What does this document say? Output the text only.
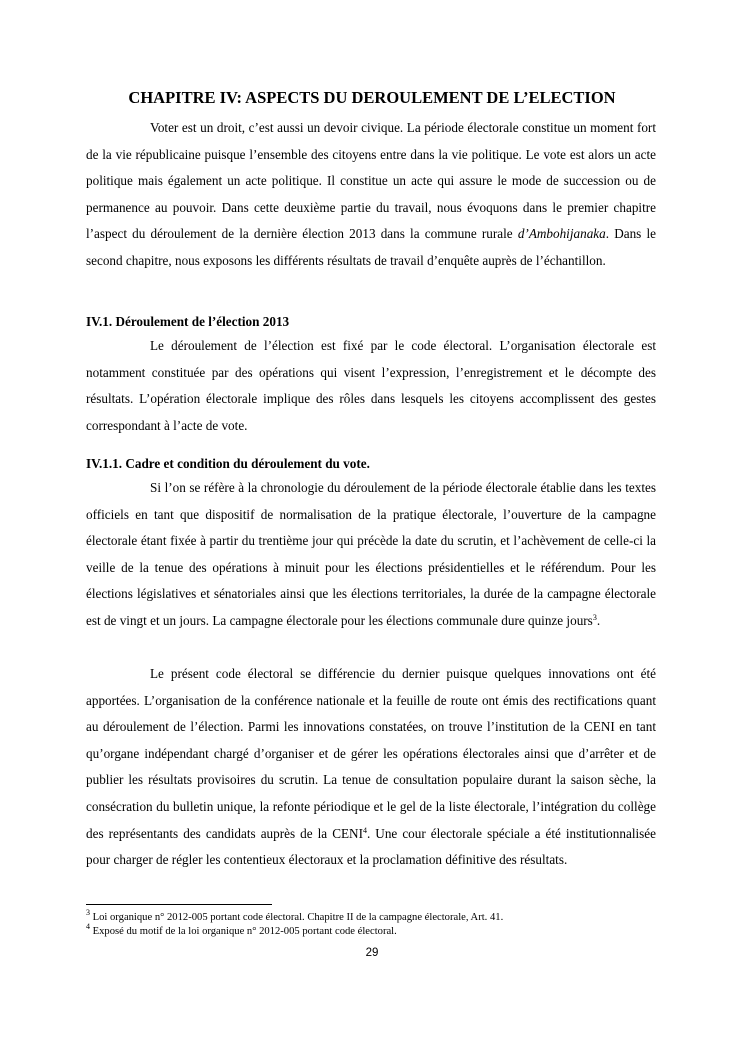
CHAPITRE IV: ASPECTS DU DEROULEMENT DE L’ELECTION

Voter est un droit, c’est aussi un devoir civique. La période électorale constitue un moment fort de la vie républicaine puisque l’ensemble des citoyens entre dans la vie politique. Le vote est alors un acte politique mais également un acte politique. Il constitue un acte qui assure le mode de succession ou de permanence au pouvoir. Dans cette deuxième partie du travail, nous évoquons dans le premier chapitre l’aspect du déroulement de la dernière élection 2013 dans la commune rurale d’Ambohijanaka. Dans le second chapitre, nous exposons les différents résultats de travail d’enquête auprès de l’échantillon.

IV.1. Déroulement de l’élection 2013

Le déroulement de l’élection est fixé par le code électoral. L’organisation électorale est notamment constituée par des opérations qui visent l’expression, l’enregistrement et le décompte des résultats. L’opération électorale implique des rôles dans lesquels les citoyens accomplissent des gestes correspondant à l’acte de vote.

IV.1.1. Cadre et condition du déroulement du vote.

Si l’on se réfère à la chronologie du déroulement de la période électorale établie dans les textes officiels en tant que dispositif de normalisation de la pratique électorale, l’ouverture de la campagne électorale étant fixée à partir du trentième jour qui précède la date du scrutin, et l’achèvement de celle-ci la veille de la tenue des opérations à minuit pour les élections présidentielles et le référendum. Pour les élections législatives et sénatoriales ainsi que les élections territoriales, la durée de la campagne électorale est de vingt et un jours. La campagne électorale pour les élections communale dure quinze jours$^3$.

Le présent code électoral se différencie du dernier puisque quelques innovations ont été apportées. L’organisation de la conférence nationale et la feuille de route ont émis des rectifications quant au déroulement de l’élection. Parmi les innovations constatées, on trouve l’institution de la CENI en tant qu’organe indépendant chargé d’organiser et de gérer les opérations électorales ainsi que d’arrêter et de publier les résultats provisoires du scrutin. La tenue de consultation populaire durant la saison sèche, la consécration du bulletin unique, la refonte périodique et le gel de la liste électorale, l’intégration du collège des représentants des candidats auprès de la CENI$^4$. Une cour électorale spéciale a été institutionnalisée pour charger de régler les contentieux électoraux et la proclamation définitive des résultats.

$^3$ Loi organique n° 2012-005 portant code électoral. Chapitre II de la campagne électorale, Art. 41.

$^4$ Exposé du motif de la loi organique n° 2012-005 portant code électoral.

29
